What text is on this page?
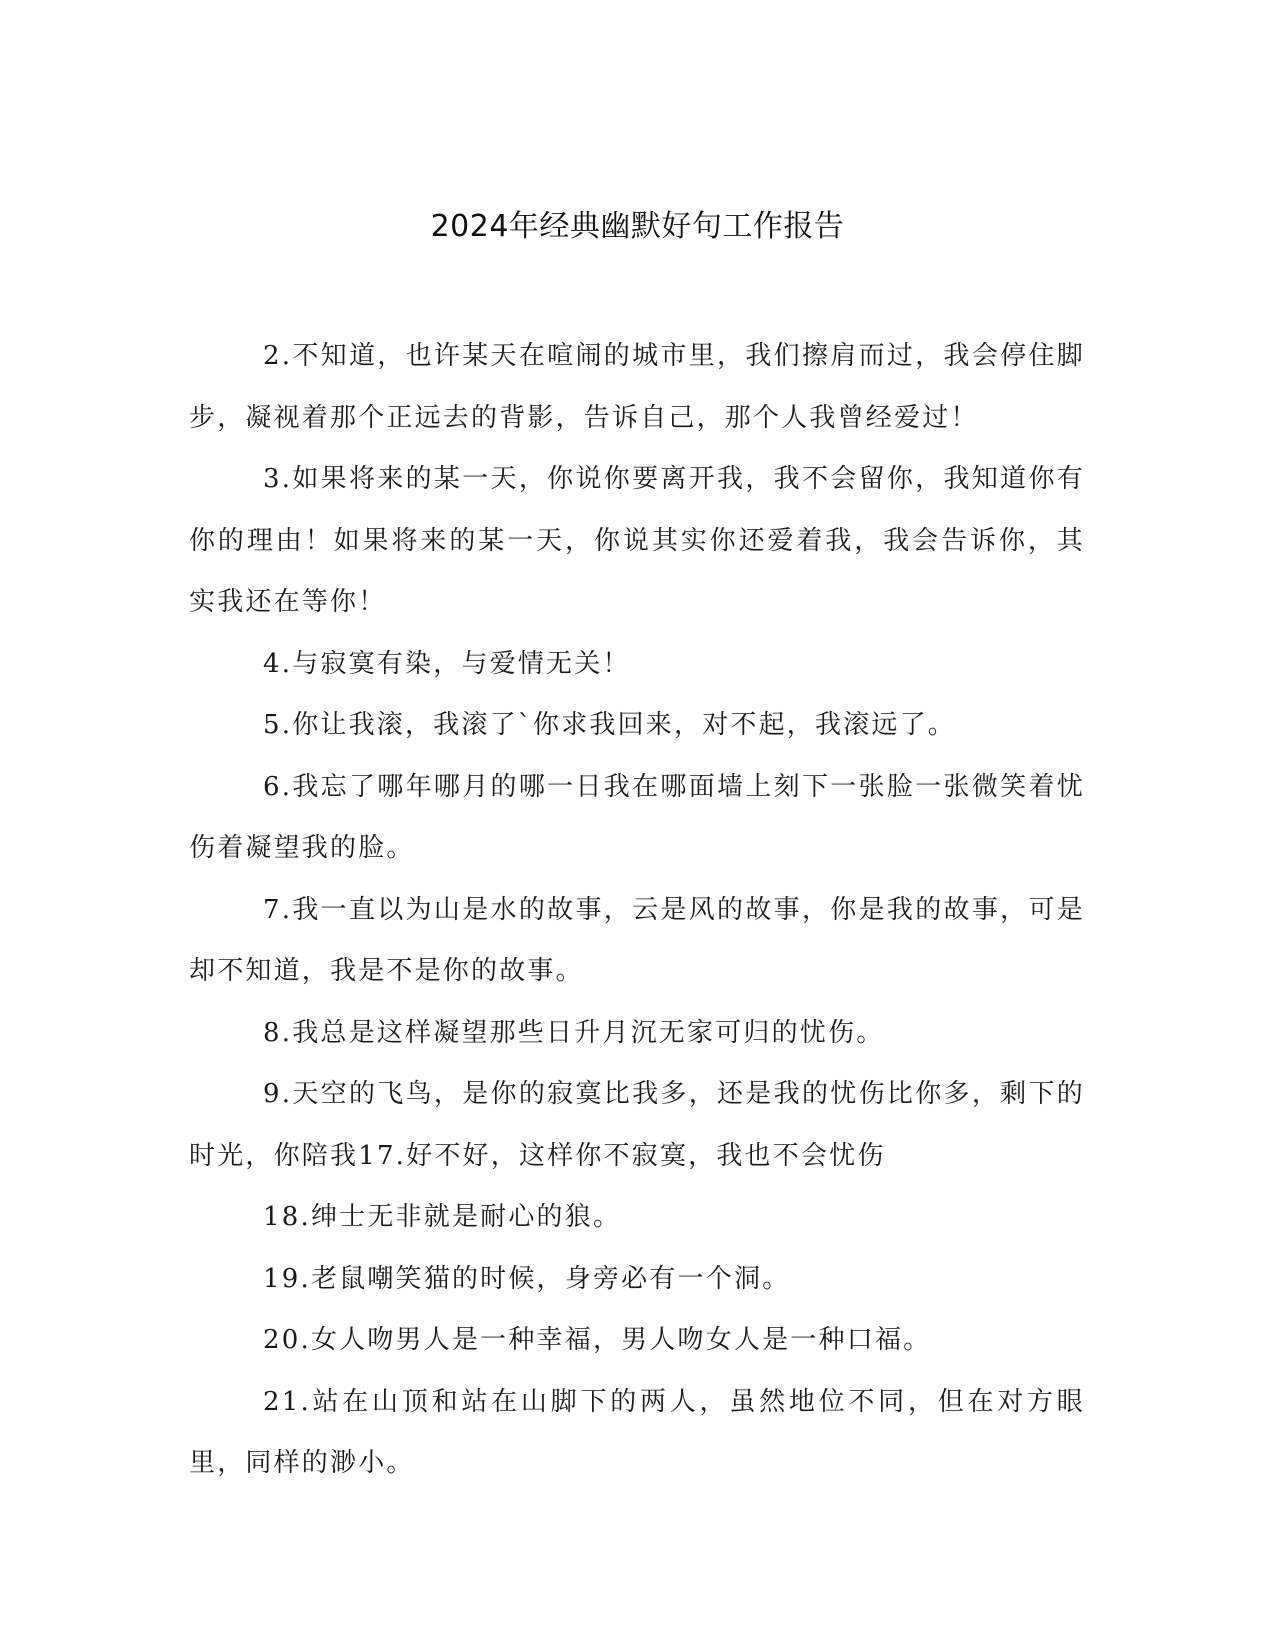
2024年经典幽默好句工作报告

2.不知道，也许某天在喧闹的城市里，我们擦肩而过，我会停住脚步，凝视着那个正远去的背影，告诉自己，那个人我曾经爱过！

3.如果将来的某一天，你说你要离开我，我不会留你，我知道你有你的理由！如果将来的某一天，你说其实你还爱着我，我会告诉你，其实我还在等你！

4.与寂寞有染，与爱情无关！

5.你让我滚，我滚了`你求我回来，对不起，我滚远了。

6.我忘了哪年哪月的哪一日我在哪面墙上刻下一张脸一张微笑着忧伤着凝望我的脸。

7.我一直以为山是水的故事，云是风的故事，你是我的故事，可是却不知道，我是不是你的故事。

8.我总是这样凝望那些日升月沉无家可归的忧伤。

9.天空的飞鸟，是你的寂寞比我多，还是我的忧伤比你多，剩下的时光，你陪我17.好不好，这样你不寂寞，我也不会忧伤

18.绅士无非就是耐心的狼。

19.老鼠嘲笑猫的时候，身旁必有一个洞。

20.女人吻男人是一种幸福，男人吻女人是一种口福。

21.站在山顶和站在山脚下的两人，虽然地位不同，但在对方眼里，同样的渺小。
